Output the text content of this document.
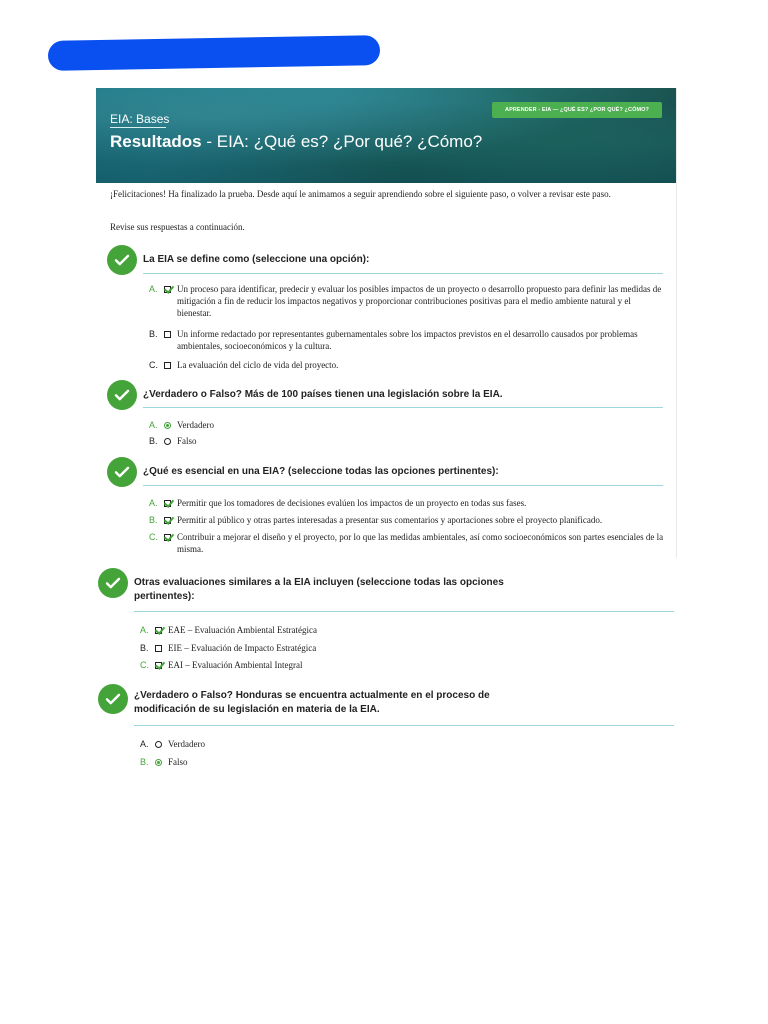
EIA: Bases
Resultados - EIA: ¿Qué es? ¿Por qué? ¿Cómo?
APRENDER - EIA — ¿QUÉ ES? ¿POR QUÉ? ¿CÓMO?
¡Felicitaciones! Ha finalizado la prueba. Desde aquí le animamos a seguir aprendiendo sobre el siguiente paso, o volver a revisar este paso.
Revise sus respuestas a continuación.
La EIA se define como (seleccione una opción):
A.	Un proceso para identificar, predecir y evaluar los posibles impactos de un proyecto o desarrollo propuesto para definir las medidas de mitigación a fin de reducir los impactos negativos y proporcionar contribuciones positivas para el medio ambiente natural y el bienestar.
B.	Un informe redactado por representantes gubernamentales sobre los impactos previstos en el desarrollo causados por problemas ambientales, socioeconómicos y la cultura.
C.	La evaluación del ciclo de vida del proyecto.
¿Verdadero o Falso? Más de 100 países tienen una legislación sobre la EIA.
A.	Verdadero
B.	Falso
¿Qué es esencial en una EIA? (seleccione todas las opciones pertinentes):
A.	Permitir que los tomadores de decisiones evalúen los impactos de un proyecto en todas sus fases.
B.	Permitir al público y otras partes interesadas a presentar sus comentarios y aportaciones sobre el proyecto planificado.
C.	Contribuir a mejorar el diseño y el proyecto, por lo que las medidas ambientales, así como socioeconómicos son partes esenciales de la misma.
Otras evaluaciones similares a la EIA incluyen (seleccione todas las opciones pertinentes):
A.	EAE – Evaluación Ambiental Estratégica
B.	EIE – Evaluación de Impacto Estratégica
C.	EAI – Evaluación Ambiental Integral
¿Verdadero o Falso? Honduras se encuentra actualmente en el proceso de modificación de su legislación en materia de la EIA.
A.	Verdadero
B.	Falso
